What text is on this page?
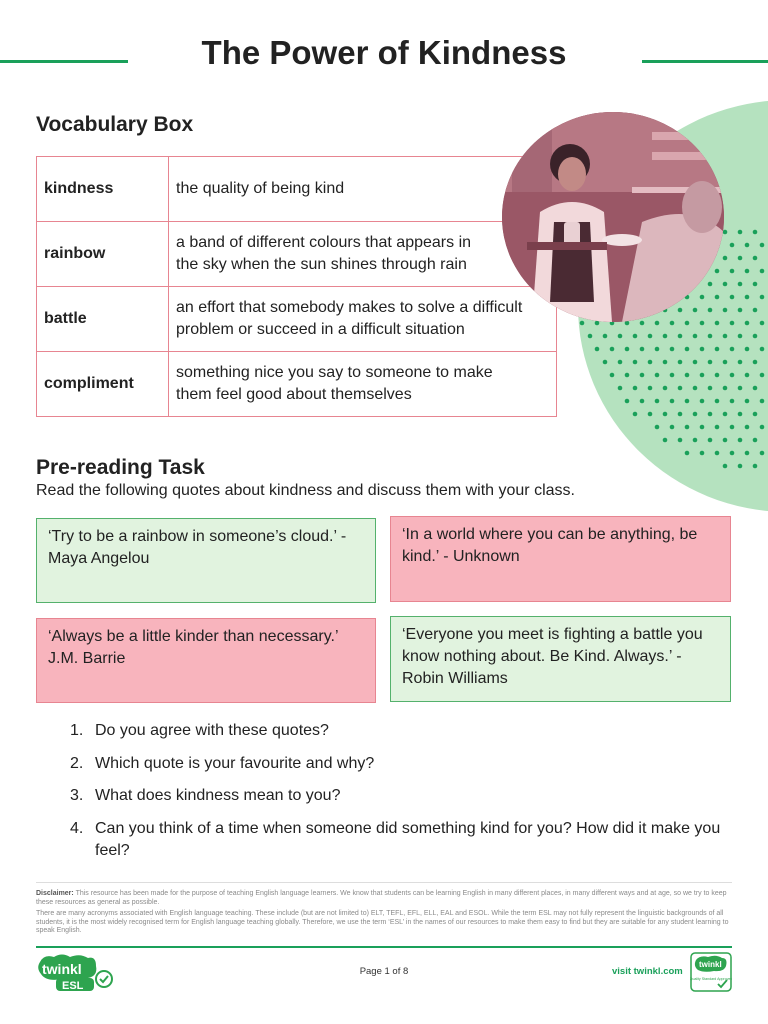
The Power of Kindness
Vocabulary Box
kindness	the quality of being kind
rainbow	a band of different colours that appears in the sky when the sun shines through rain
battle	an effort that somebody makes to solve a difficult problem or succeed in a difficult situation
compliment	something nice you say to someone to make them feel good about themselves
Pre-reading Task
Read the following quotes about kindness and discuss them with your class.
‘Try to be a rainbow in someone’s cloud.’ - Maya Angelou
‘In a world where you can be anything, be kind.’ - Unknown
‘Always be a little kinder than necessary.’ J.M. Barrie
‘Everyone you meet is fighting a battle you know nothing about. Be Kind. Always.’ - Robin Williams
1. Do you agree with these quotes?
2. Which quote is your favourite and why?
3. What does kindness mean to you?
4. Can you think of a time when someone did something kind for you? How did it make you feel?
Disclaimer: This resource has been made for the purpose of teaching English language learners. We know that students can be learning English in many different places, in many different ways and at age, so we try to keep these resources as general as possible.
There are many acronyms associated with English language teaching. These include (but are not limited to) ELT, TEFL, EFL, ELL, EAL and ESOL. While the term ESL may not fully represent the linguistic backgrounds of all students, it is the most widely recognised term for English language teaching globally. Therefore, we use the term ‘ESL’ in the names of our resources to make them easy to find but they are suitable for any student learning to speak English.
twinkl
ESL
Page 1 of 8	visit twinkl.com
twinkl
Quality Standard Approved
